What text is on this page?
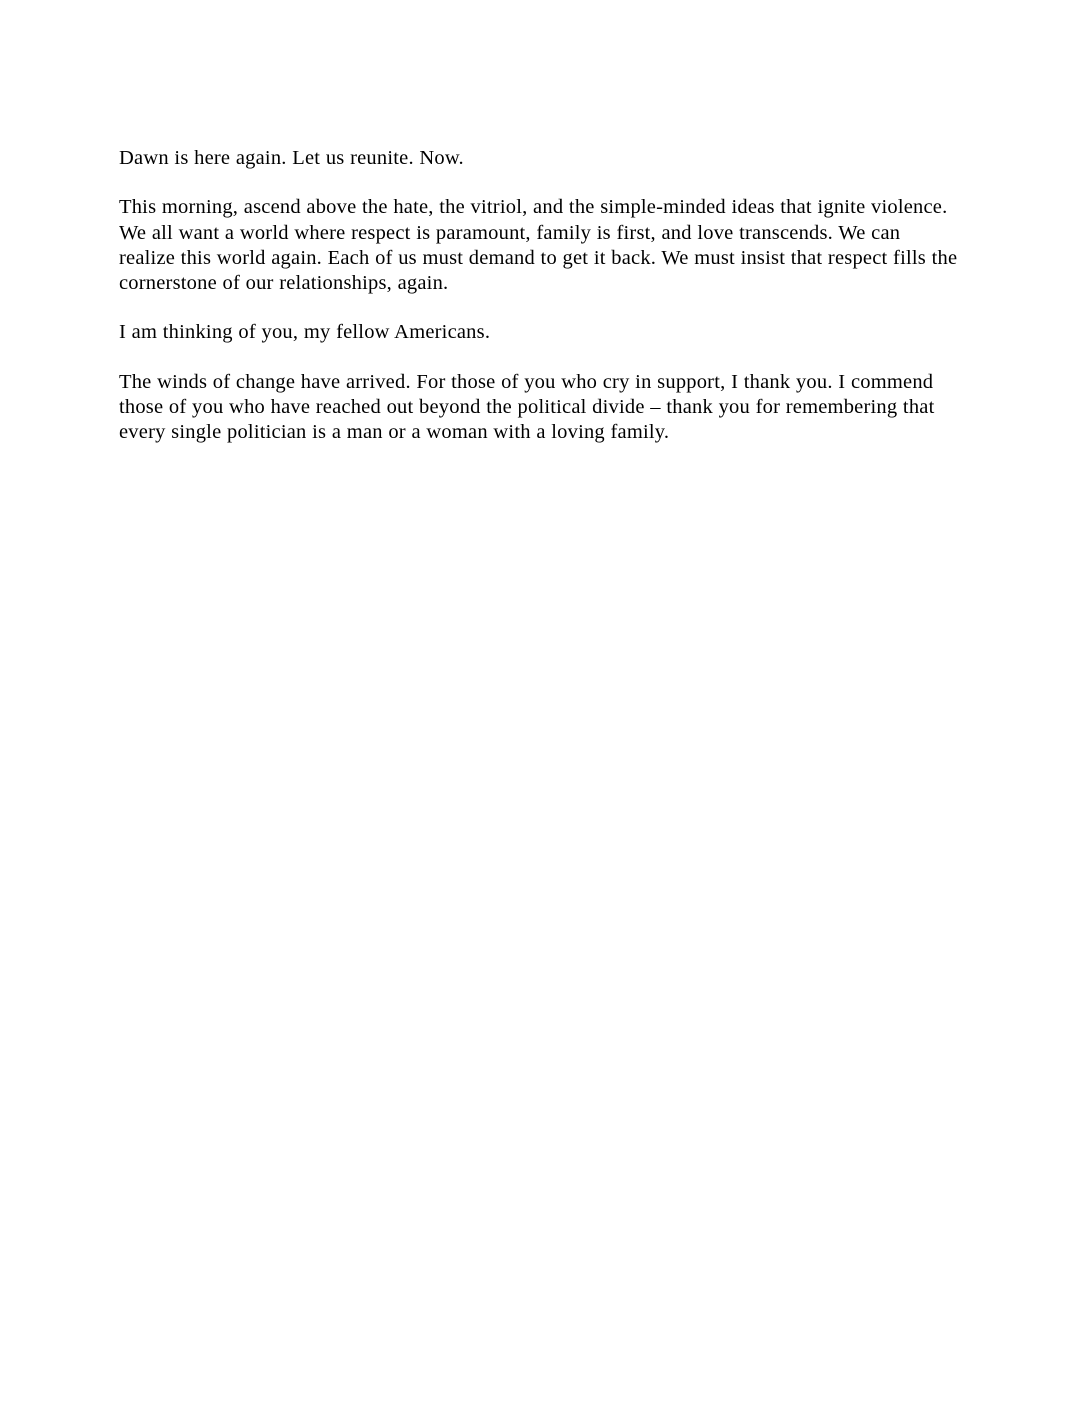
Dawn is here again. Let us reunite. Now.

This morning, ascend above the hate, the vitriol, and the simple-minded ideas that ignite violence. We all want a world where respect is paramount, family is first, and love transcends. We can realize this world again. Each of us must demand to get it back. We must insist that respect fills the cornerstone of our relationships, again.

I am thinking of you, my fellow Americans.

The winds of change have arrived. For those of you who cry in support, I thank you. I commend those of you who have reached out beyond the political divide – thank you for remembering that every single politician is a man or a woman with a loving family.
